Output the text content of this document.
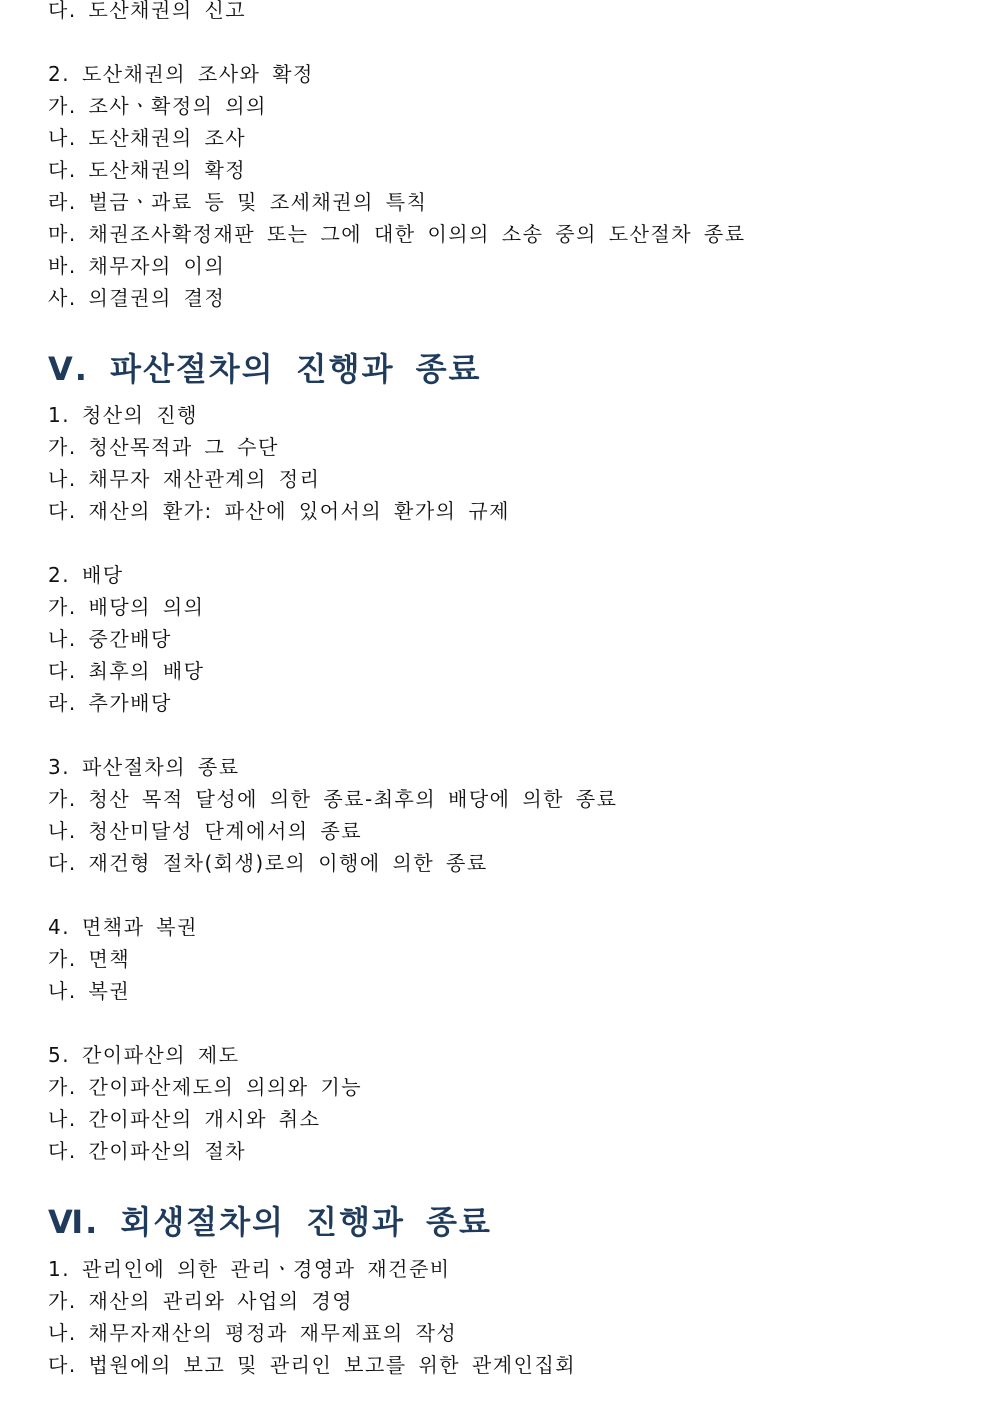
다. 도산채권의 신고
2. 도산채권의 조사와 확정
가. 조사ㆍ확정의 의의
나. 도산채권의 조사
다. 도산채권의 확정
라. 벌금ㆍ과료 등 및 조세채권의 특칙
마. 채권조사확정재판 또는 그에 대한 이의의 소송 중의 도산절차 종료
바. 채무자의 이의
사. 의결권의 결정
Ⅴ. 파산절차의 진행과 종료
1. 청산의 진행
가. 청산목적과 그 수단
나. 채무자 재산관계의 정리
다. 재산의 환가: 파산에 있어서의 환가의 규제
2. 배당
가. 배당의 의의
나. 중간배당
다. 최후의 배당
라. 추가배당
3. 파산절차의 종료
가. 청산 목적 달성에 의한 종료-최후의 배당에 의한 종료
나. 청산미달성 단계에서의 종료
다. 재건형 절차(회생)로의 이행에 의한 종료
4. 면책과 복권
가. 면책
나. 복권
5. 간이파산의 제도
가. 간이파산제도의 의의와 기능
나. 간이파산의 개시와 취소
다. 간이파산의 절차
Ⅵ. 회생절차의 진행과 종료
1. 관리인에 의한 관리ㆍ경영과 재건준비
가. 재산의 관리와 사업의 경영
나. 채무자재산의 평정과 재무제표의 작성
다. 법원에의 보고 및 관리인 보고를 위한 관계인집회
